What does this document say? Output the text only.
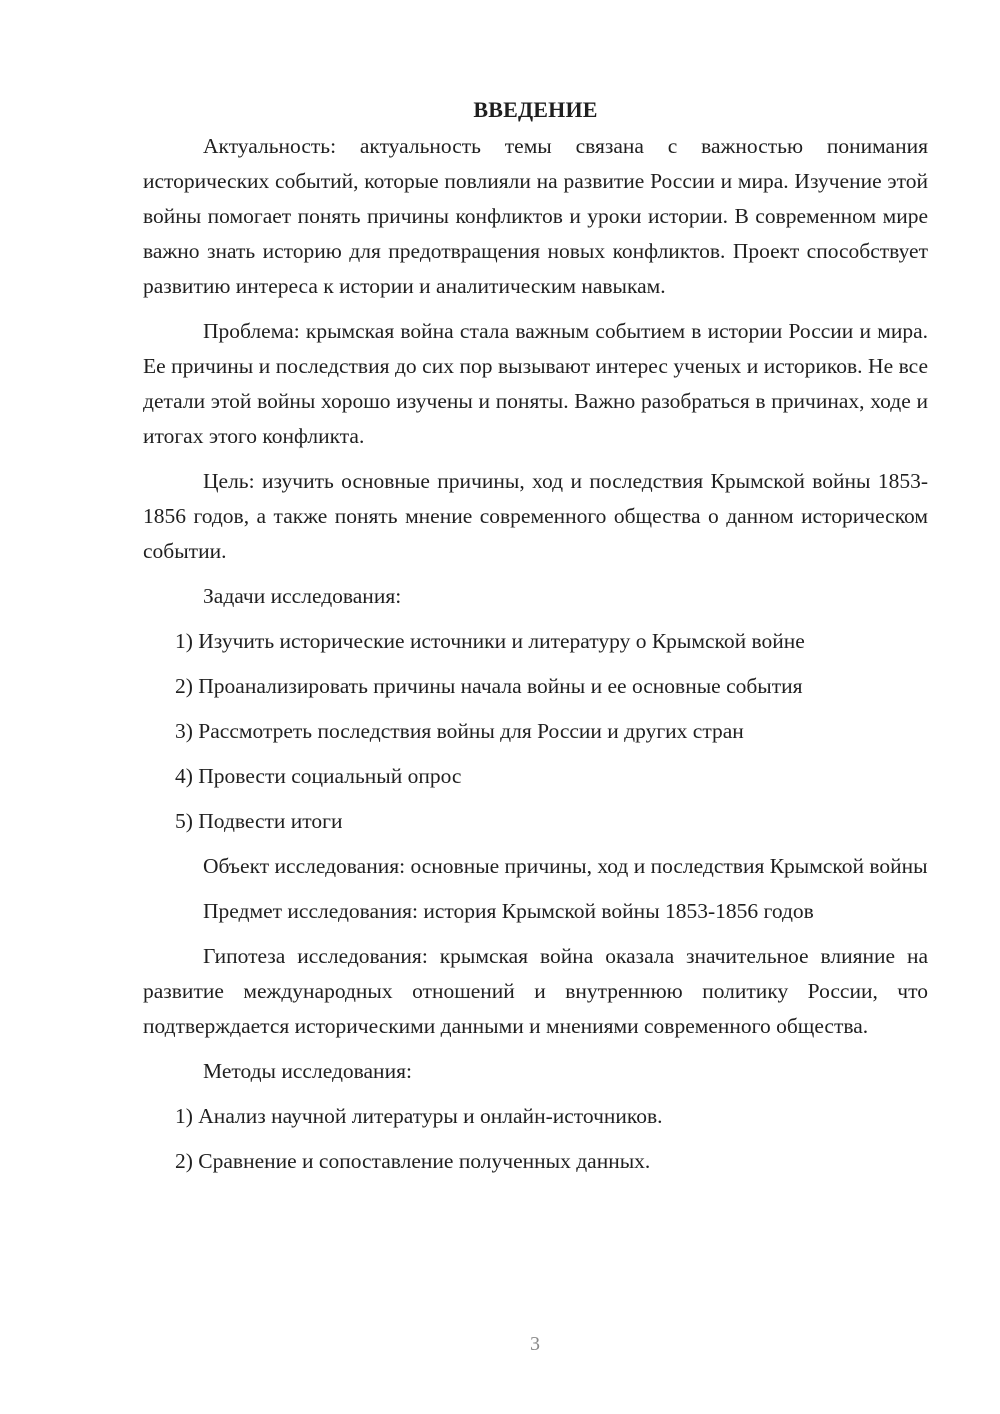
ВВЕДЕНИЕ

Актуальность: актуальность темы связана с важностью понимания исторических событий, которые повлияли на развитие России и мира. Изучение этой войны помогает понять причины конфликтов и уроки истории. В современном мире важно знать историю для предотвращения новых конфликтов. Проект способствует развитию интереса к истории и аналитическим навыкам.

Проблема: крымская война стала важным событием в истории России и мира. Ее причины и последствия до сих пор вызывают интерес ученых и историков. Не все детали этой войны хорошо изучены и поняты. Важно разобраться в причинах, ходе и итогах этого конфликта.

Цель: изучить основные причины, ход и последствия Крымской войны 1853-1856 годов, а также понять мнение современного общества о данном историческом событии.

Задачи исследования:

1) Изучить исторические источники и литературу о Крымской войне
2) Проанализировать причины начала войны и ее основные события
3) Рассмотреть последствия войны для России и других стран
4) Провести социальный опрос
5) Подвести итоги

Объект исследования: основные причины, ход и последствия Крымской войны

Предмет исследования: история Крымской войны 1853-1856 годов

Гипотеза исследования: крымская война оказала значительное влияние на развитие международных отношений и внутреннюю политику России, что подтверждается историческими данными и мнениями современного общества.

Методы исследования:

1) Анализ научной литературы и онлайн-источников.
2) Сравнение и сопоставление полученных данных.
3
